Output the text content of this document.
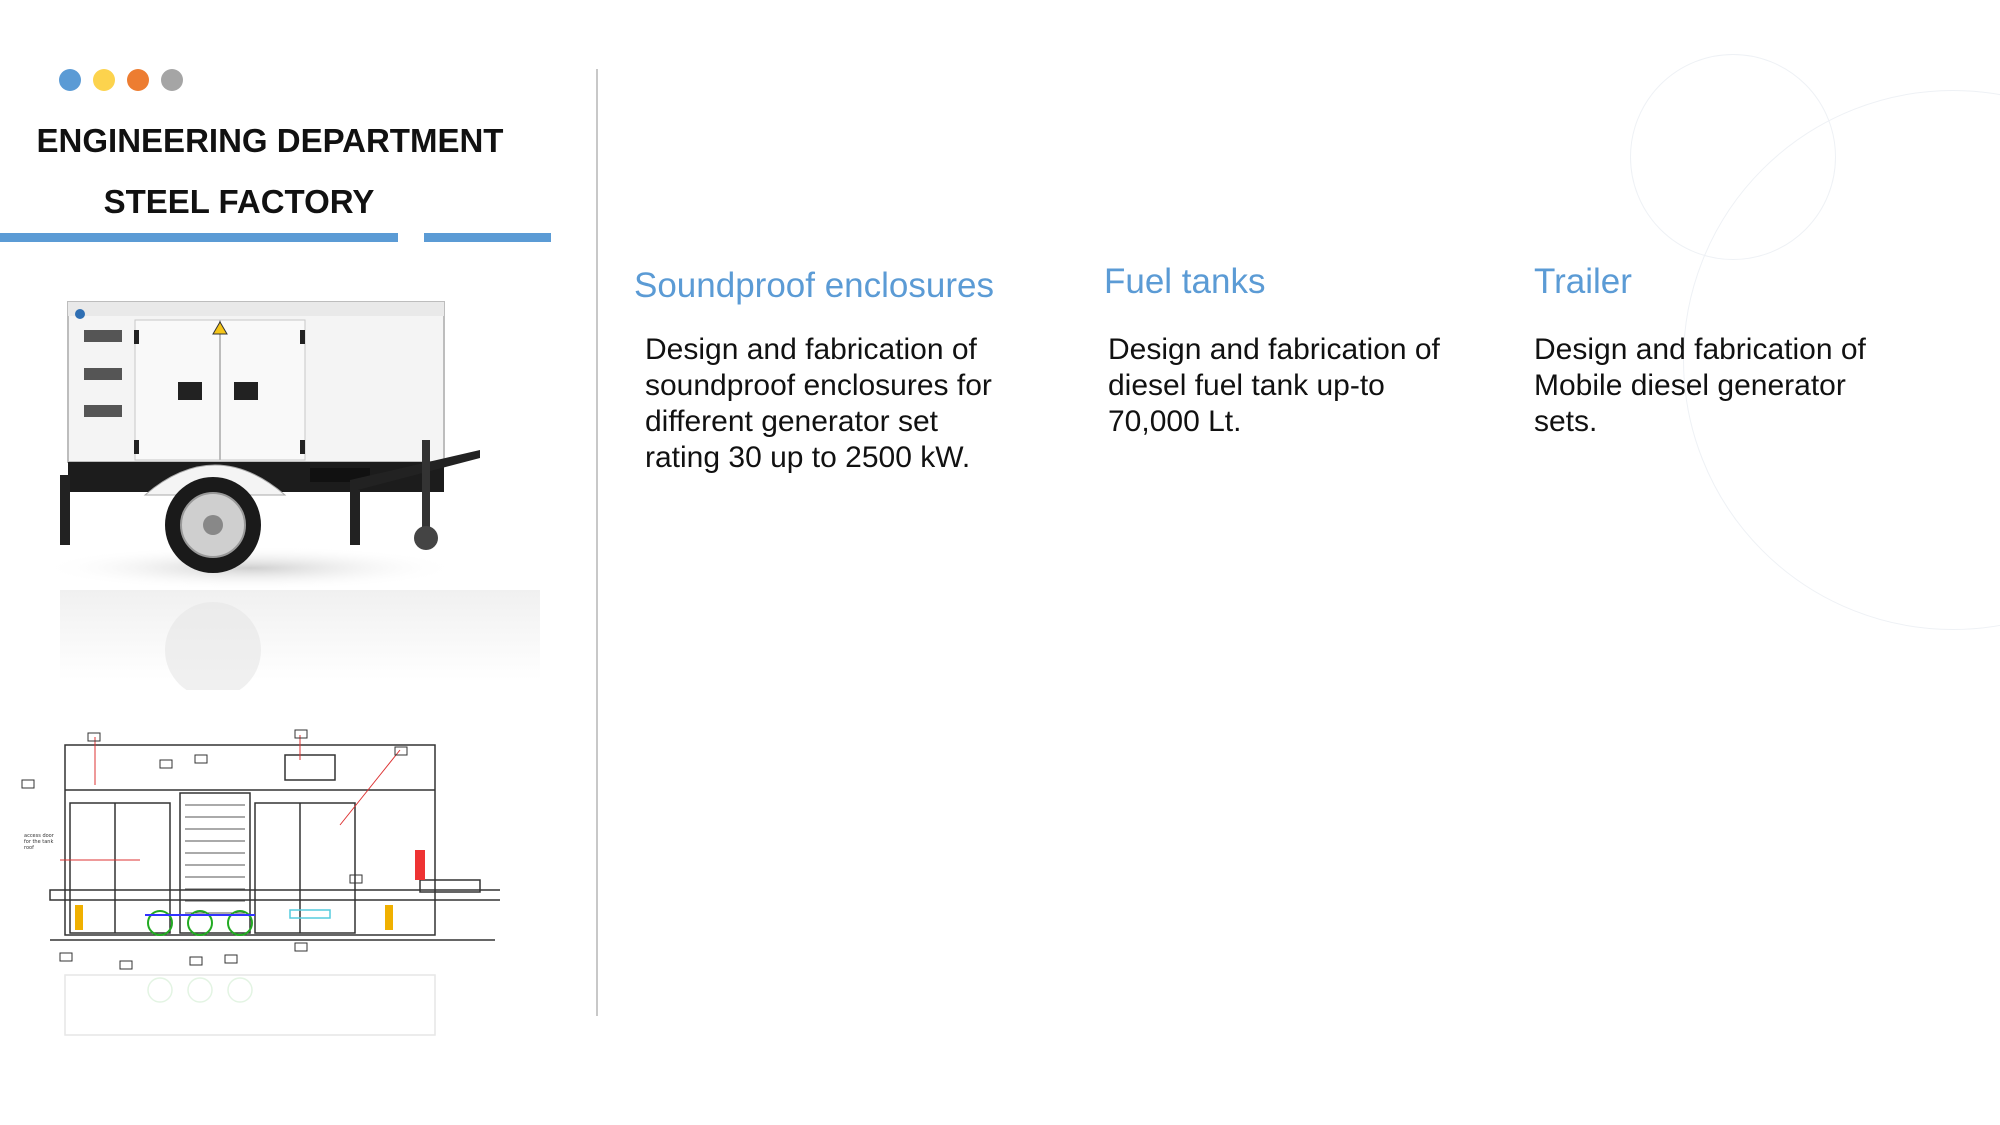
ENGINEERING DEPARTMENT
STEEL FACTORY
access door
for the tank
roof
Soundproof enclosures
Design and fabrication of
soundproof enclosures for
different generator set
rating 30 up to 2500 kW.
Fuel tanks
Design and fabrication of
diesel fuel tank up-to
70,000 Lt.
Trailer
Design and fabrication of
Mobile diesel generator
sets.
